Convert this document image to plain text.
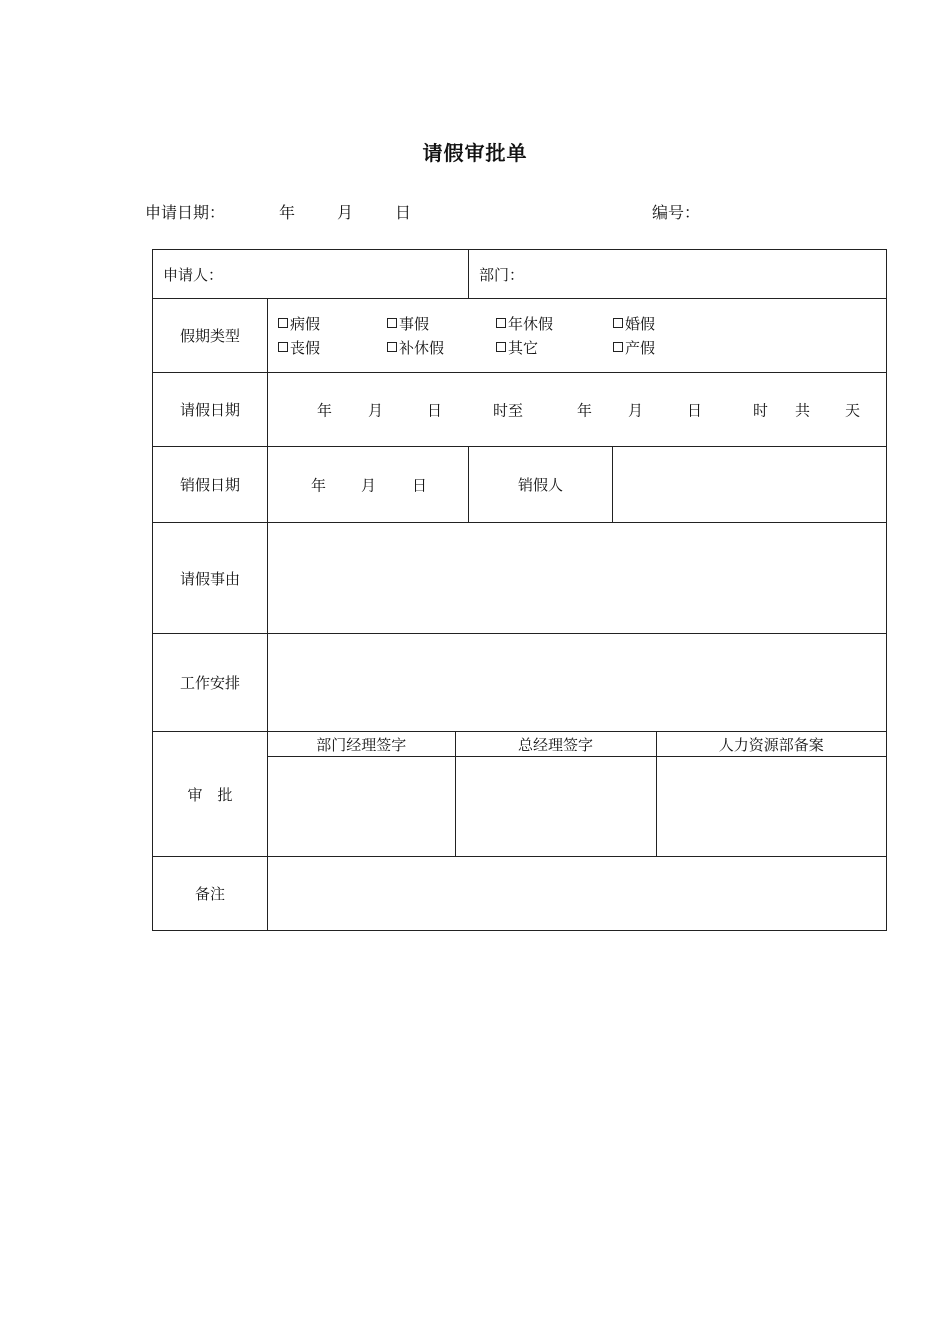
请假审批单
申请日期：	年	月	日	编号：
申请人：	部门：
假期类型	
病假	事假	年休假	婚假
丧假	补休假	其它	产假

请假日期	年 月	日	时至	年 月	日	时 共 天

销假日期	年 月 日	销假人	
请假事由	
工作安排	
审　批	
部门经理签字	总经理签字	人力资源部备案

备注	
